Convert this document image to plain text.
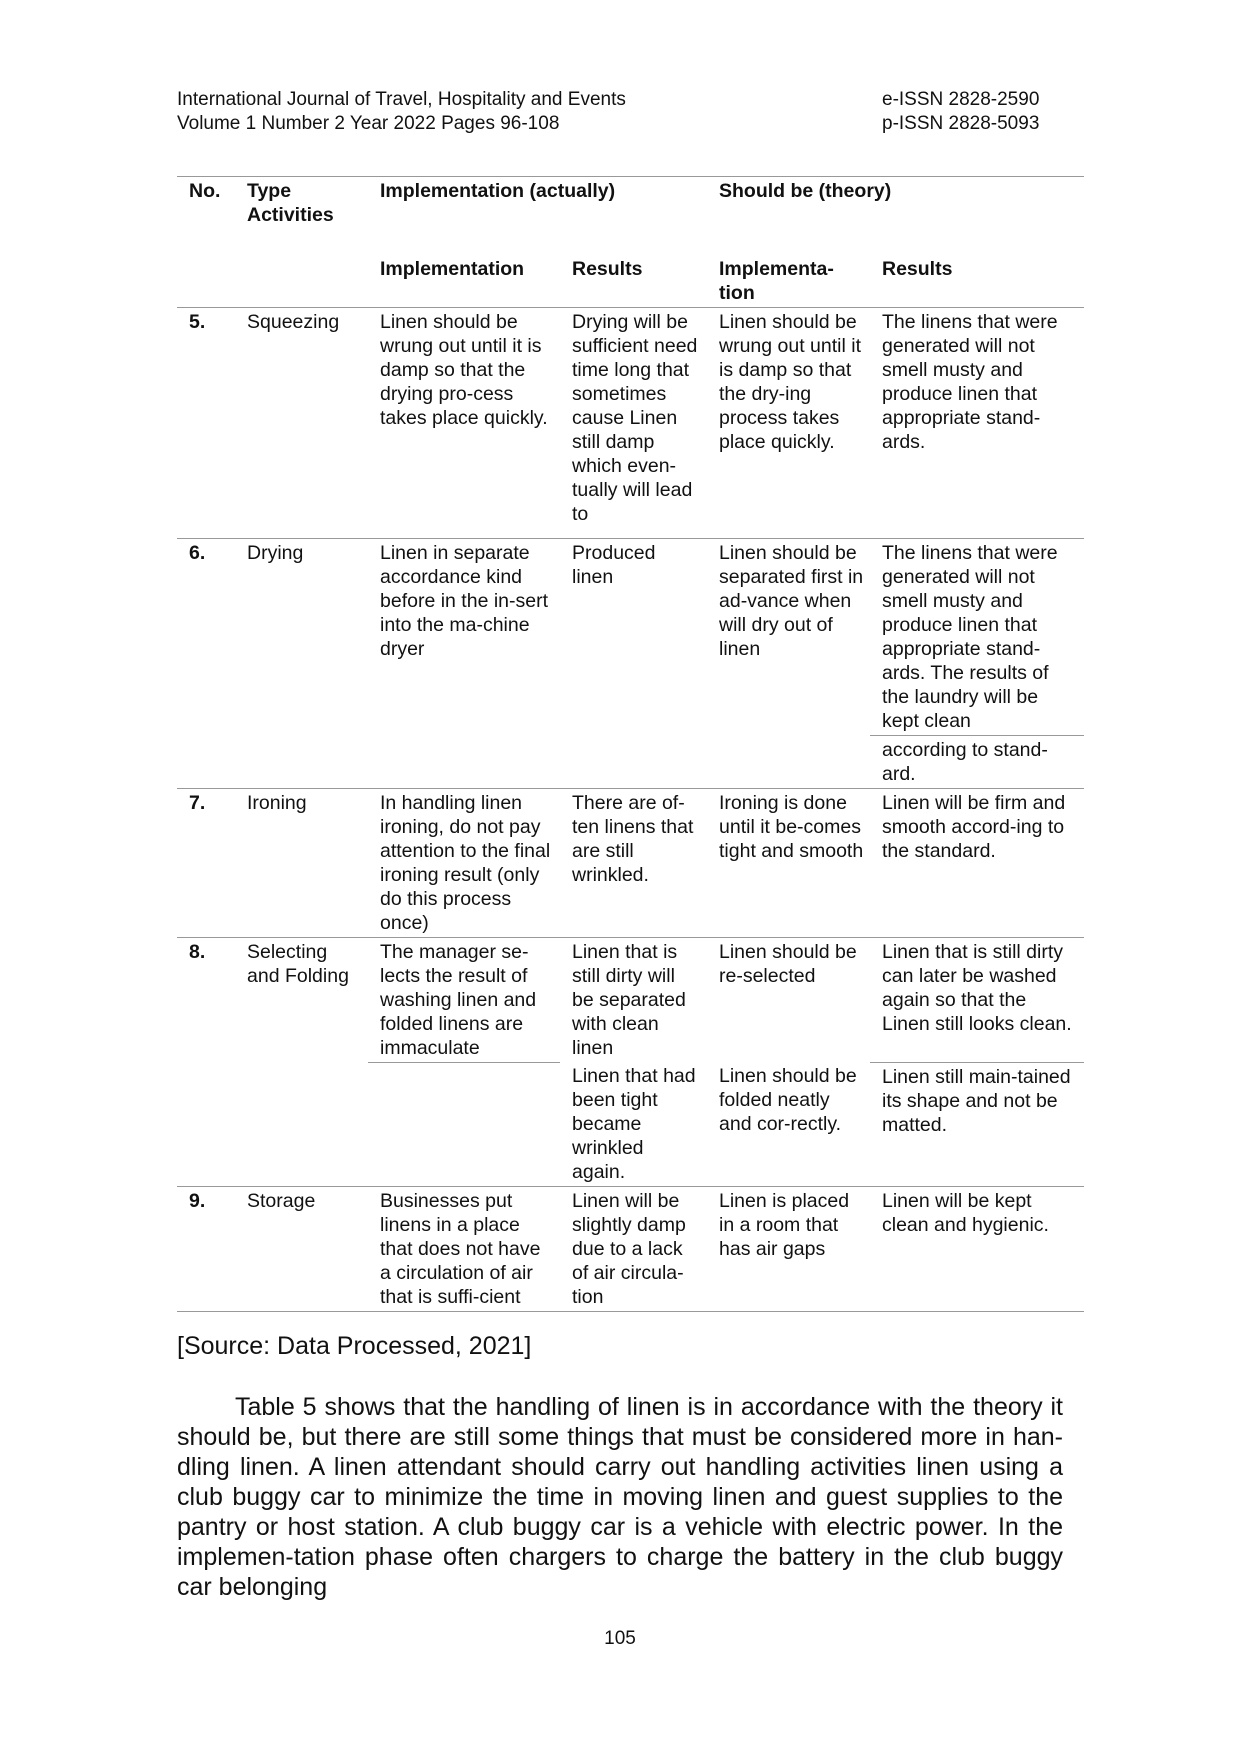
International Journal of Travel, Hospitality and Events
Volume 1 Number 2 Year 2022 Pages 96-108
e-ISSN 2828-2590
p-ISSN 2828-5093
No.	Type Activities	Implementation (actually)		Should be (theory)	
		Implementation	Results	Implementa-tion	Results
5.	Squeezing	Linen should be wrung out until it is damp so that the drying pro-cess takes place quickly.	Drying will be sufficient need time long that sometimes cause Linen still damp which even-tually will lead to	Linen should be wrung out until it is damp so that the dry-ing process takes place quickly.	The linens that were generated will not smell musty and produce linen that appropriate stand-ards.

6.	Drying	Linen in separate accordance kind before in the in-sert into the ma-chine dryer	Produced linen	Linen should be separated first in ad-vance when will dry out of linen	The linens that were generated will not smell musty and produce linen that appropriate stand-ards. The results of the laundry will be kept clean
					according to stand-ard.
7.	Ironing	In handling linen ironing, do not pay attention to the final ironing result (only do this process once)	There are of-ten linens that are still wrinkled.	Ironing is done until it be-comes tight and smooth	Linen will be firm and smooth accord-ing to the standard.
8.	Selecting and Folding	The manager se-lects the result of washing linen and folded linens are immaculate	Linen that is still dirty will be separated with clean linen	Linen should be re-selected	Linen that is still dirty can later be washed again so that the Linen still looks clean.
			Linen that had been tight became wrinkled again.	Linen should be folded neatly and cor-rectly.	Linen still main-tained its shape and not be matted.
9.	Storage	Businesses put linens in a place that does not have a circulation of air that is suffi-cient	Linen will be slightly damp due to a lack of air circula-tion	Linen is placed in a room that has air gaps	Linen will be kept clean and hygienic.
[Source: Data Processed, 2021]

Table 5 shows that the handling of linen is in accordance with the theory it should be, but there are still some things that must be considered more in han-dling linen. A linen attendant should carry out handling activities linen using a club buggy car to minimize the time in moving linen and guest supplies to the pantry or host station. A club buggy car is a vehicle with electric power. In the implemen-tation phase often chargers to charge the battery in the club buggy car belonging

105
